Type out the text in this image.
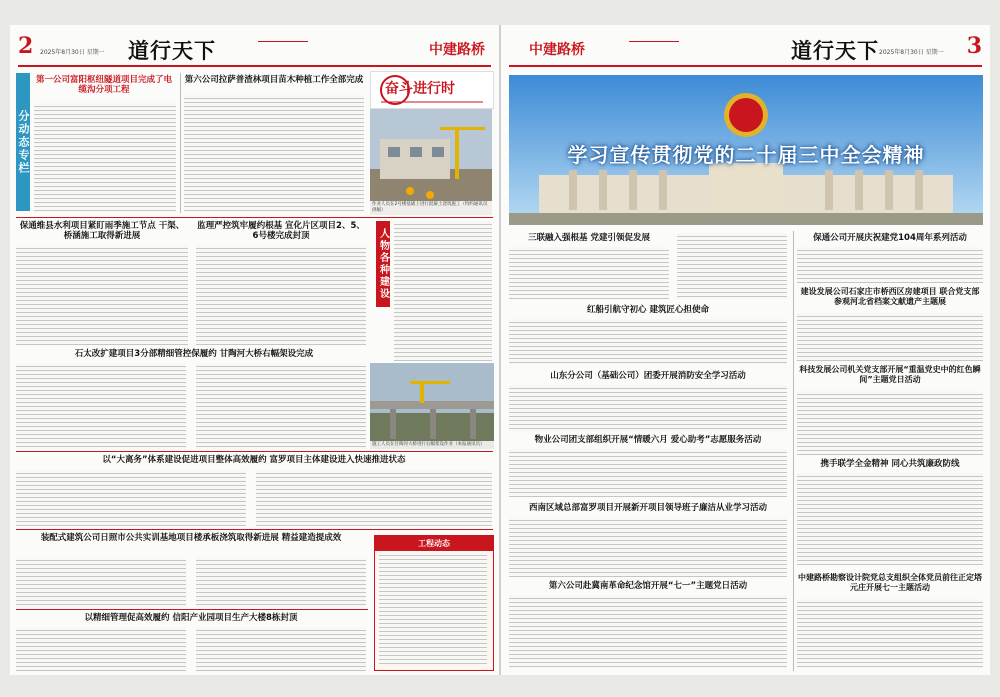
2 2025年8月30日 星期一 道行天下	中建路桥
分动态专栏
第一公司富阳枢纽隧道项目完成了电缆沟分项工程
第六公司拉萨普渣林项目苗木种植工作全部完成
奋斗进行时
作业人员在2号楼基础上进行混凝土浇筑施工（特约通讯员供稿）
保通维县水利项目紧盯雨季施工节点 干渠、桥涵施工取得新进展
监理严控筑牢履约根基 宣化片区项目2、5、6号楼完成封顶	人物各种建设
石太改扩建项目3分部精细管控保履约 甘陶河大桥右幅架设完成
施工人员在甘陶河大桥进行右幅架设作业（本报通讯员）
以“大离务”体系建设促进项目整体高效履约 富罗项目主体建设进入快速推进状态
装配式建筑公司日照市公共实训基地项目楼承板浇筑取得新进展 精益建造提成效
工程动态
以精细管理促高效履约 信阳产业园项目生产大楼8栋封顶
中建路桥	道行天下 2025年8月30日 星期一 3
学习宣传贯彻党的二十届三中全会精神
三联融入强根基 党建引领促发展
红船引航守初心 建筑匠心担使命
山东分公司（基础公司）团委开展消防安全学习活动
物业公司团支部组织开展“情暖六月 爱心助考”志愿服务活动
西南区域总部富罗项目开展新开项目领导班子廉洁从业学习活动
第六公司赴冀南革命纪念馆开展“七一”主题党日活动
保通公司开展庆祝建党104周年系列活动
建设发展公司石家庄市桥西区房建项目 联合党支部参观河北省档案文献遗产主题展
科技发展公司机关党支部开展“重温党史中的红色瞬间”主题党日活动
携手联学全金精神 同心共筑廉政防线
中建路桥勘察设计院党总支组织全体党员前往正定塔元庄开展七一主题活动
